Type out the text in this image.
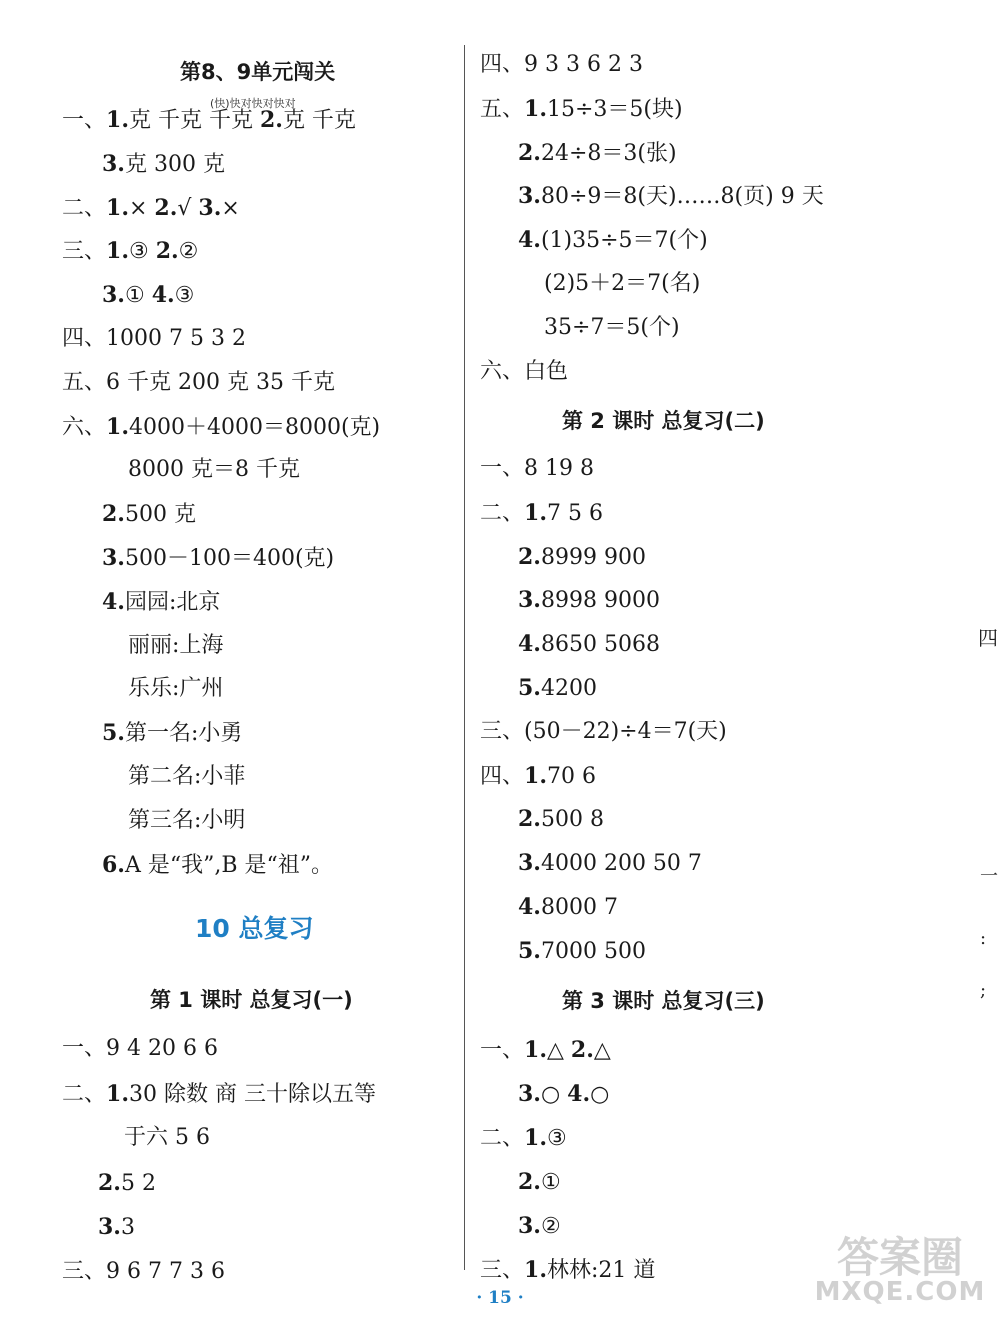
第8、9单元闯关
(快)快对快对快对
一、1.克 千克 千克 2.克 千克
3.克 300 克
二、1.× 2.√ 3.×
三、1.③ 2.②
3.① 4.③
四、1000 7 5 3 2
五、6 千克 200 克 35 千克
六、1.4000＋4000＝8000(克)
8000 克＝8 千克
2.500 克
3.500－100＝400(克)
4.园园:北京
丽丽:上海
乐乐:广州
5.第一名:小勇
第二名:小菲
第三名:小明
6.A 是“我”,B 是“祖”。
10 总复习
第 1 课时 总复习(一)
一、9 4 20 6 6
二、1.30 除数 商 三十除以五等
于六 5 6
2.5 2
3.3
三、9 6 7 7 3 6
四、9 3 3 6 2 3
五、1.15÷3＝5(块)
2.24÷8＝3(张)
3.80÷9＝8(天)……8(页) 9 天
4.(1)35÷5＝7(个)
(2)5＋2＝7(名)
35÷7＝5(个)
六、白色
第 2 课时 总复习(二)
一、8 19 8
二、1.7 5 6
2.8999 900
3.8998 9000
4.8650 5068
5.4200
三、(50－22)÷4＝7(天)
四、1.70 6
2.500 8
3.4000 200 50 7
4.8000 7
5.7000 500
第 3 课时 总复习(三)
一、1.△ 2.△
3.○ 4.○
二、1.③
2.①
3.②
三、1.林林:21 道
四
一
:
;
· 15 ·
答案圈
MXQE.COM
